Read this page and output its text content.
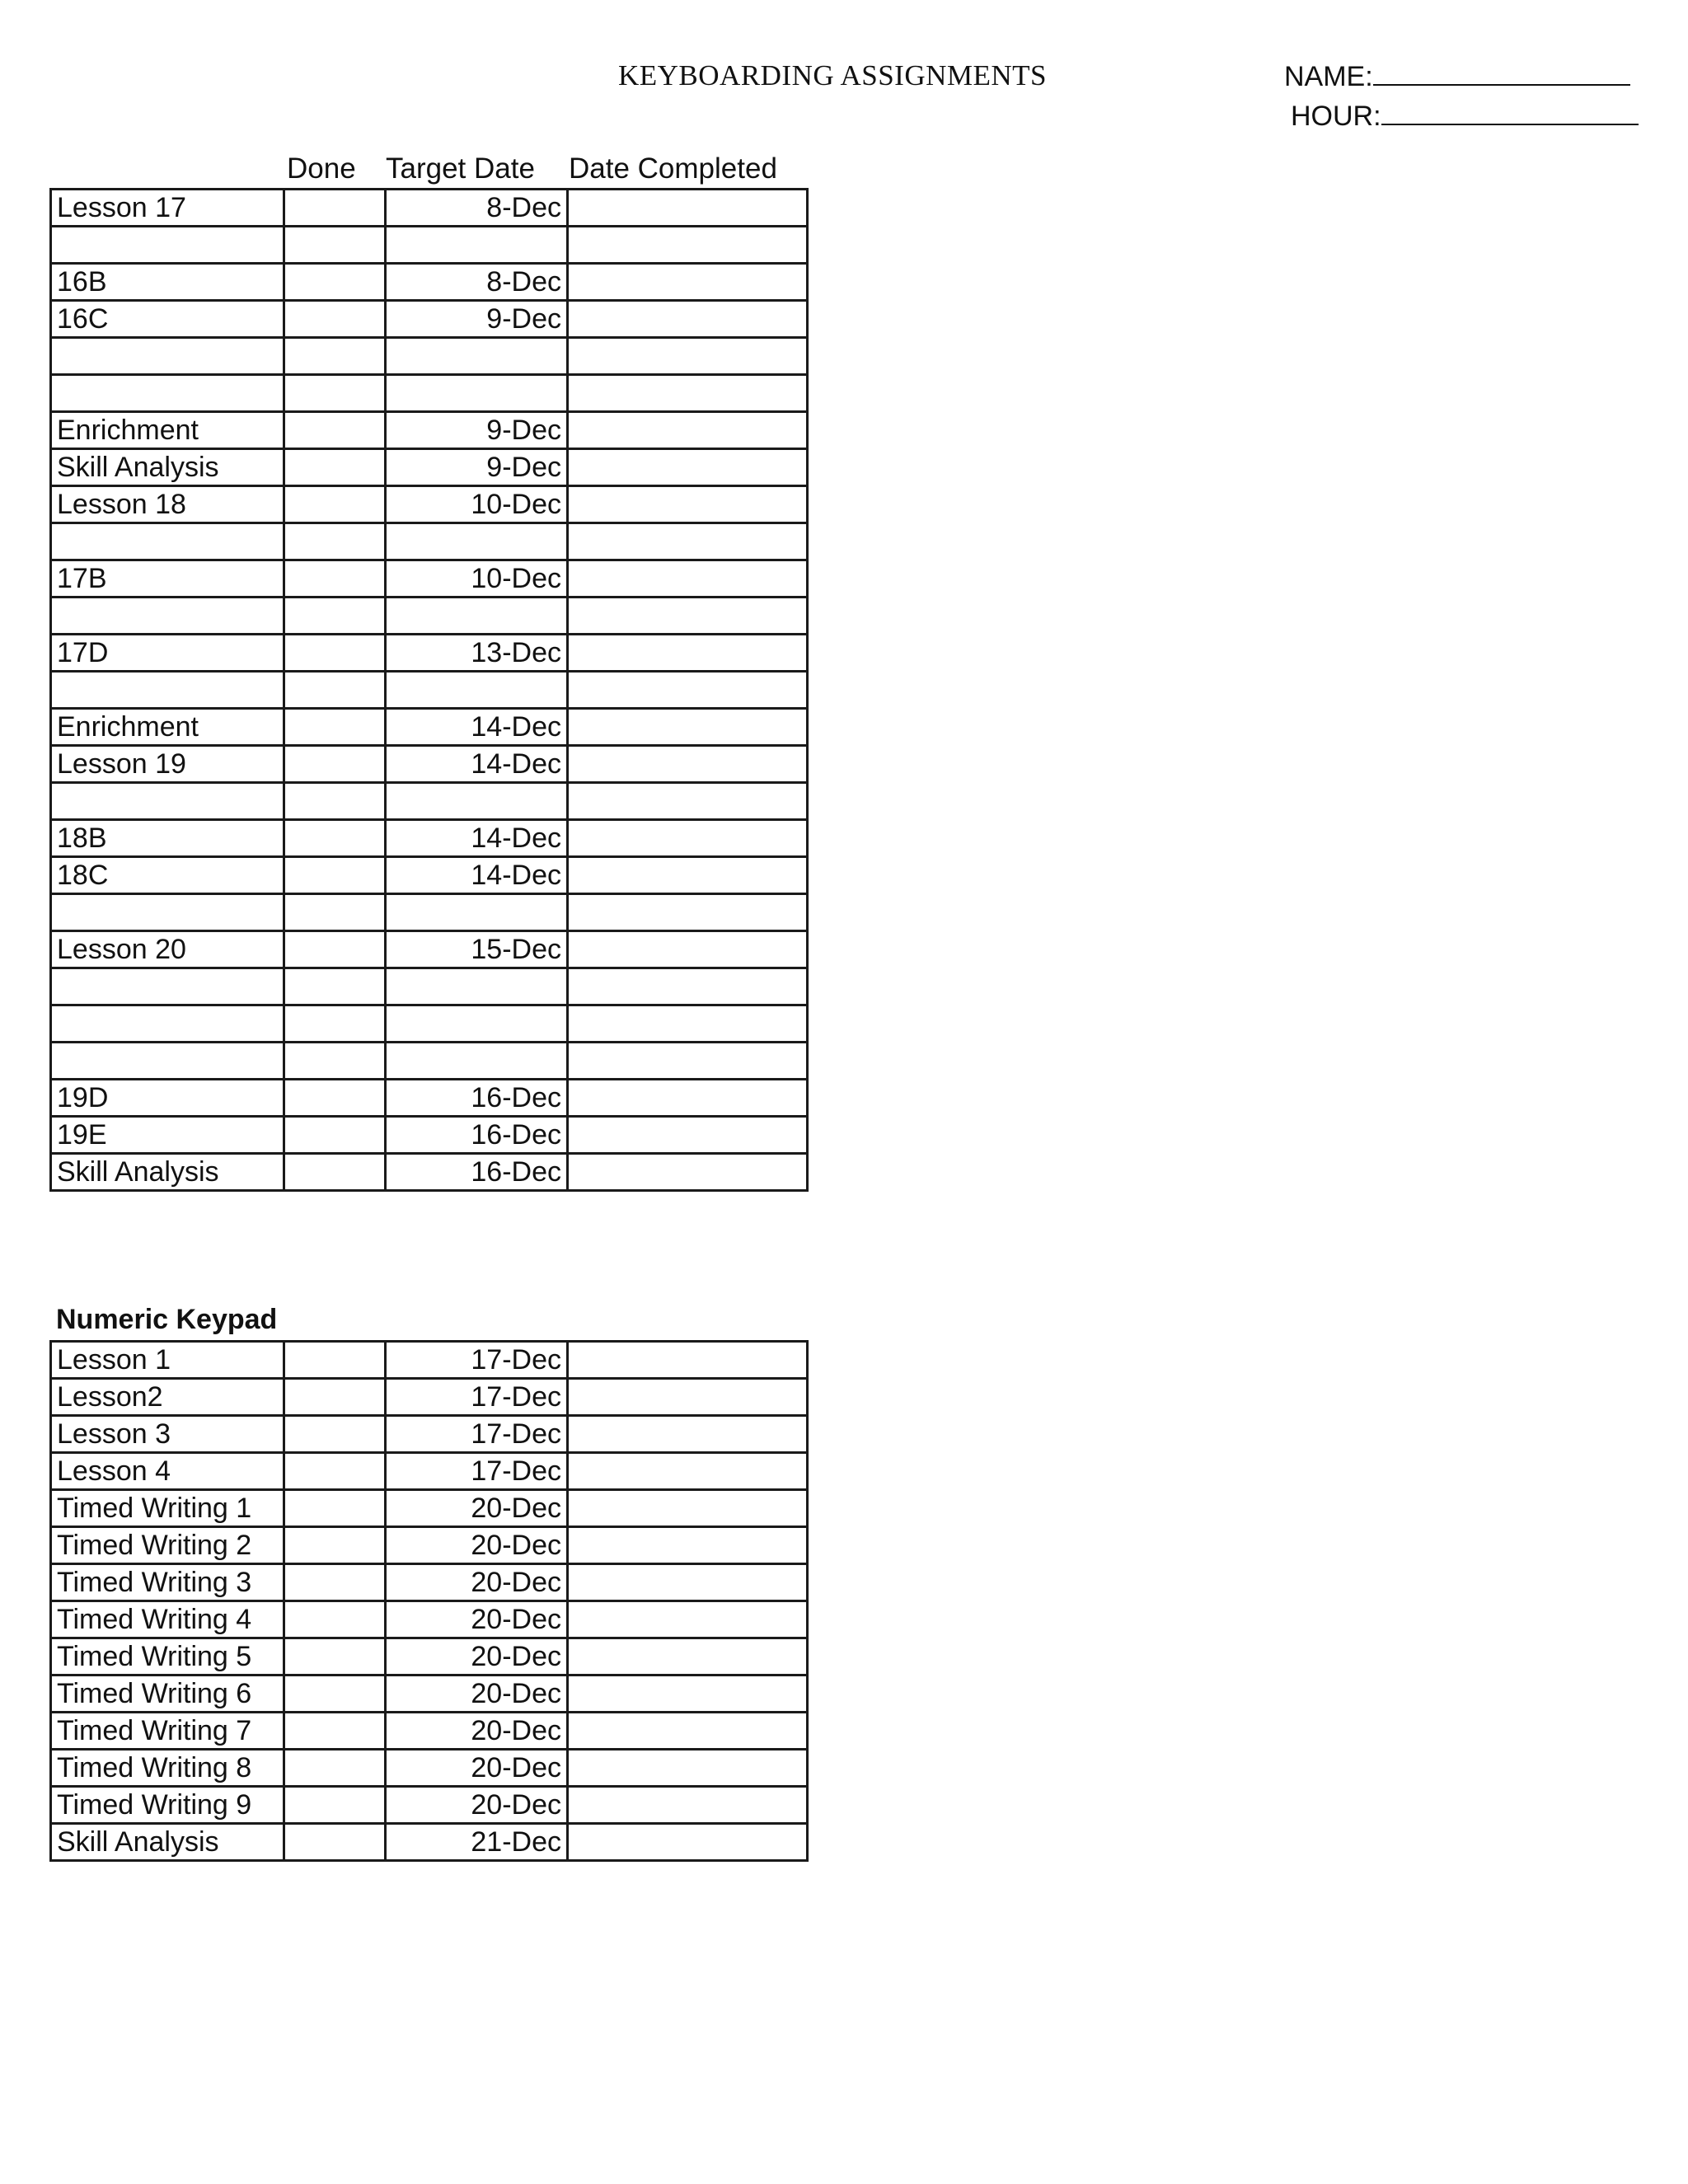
KEYBOARDING ASSIGNMENTS	NAME:
HOUR:
Done Target Date Date Completed
Lesson 17		8-Dec	

16B		8-Dec	
16C		9-Dec	

Enrichment		9-Dec	
Skill Analysis		9-Dec	
Lesson 18		10-Dec	

17B		10-Dec	

17D		13-Dec	

Enrichment		14-Dec	
Lesson 19		14-Dec	

18B		14-Dec	
18C		14-Dec	

Lesson 20		15-Dec	

19D		16-Dec	
19E		16-Dec	
Skill Analysis		16-Dec	
Numeric Keypad
Lesson 1		17-Dec	
Lesson2		17-Dec	
Lesson 3		17-Dec	
Lesson 4		17-Dec	
Timed Writing 1		20-Dec	
Timed Writing 2		20-Dec	
Timed Writing 3		20-Dec	
Timed Writing 4		20-Dec	
Timed Writing 5		20-Dec	
Timed Writing 6		20-Dec	
Timed Writing 7		20-Dec	
Timed Writing 8		20-Dec	
Timed Writing 9		20-Dec	
Skill Analysis		21-Dec	
